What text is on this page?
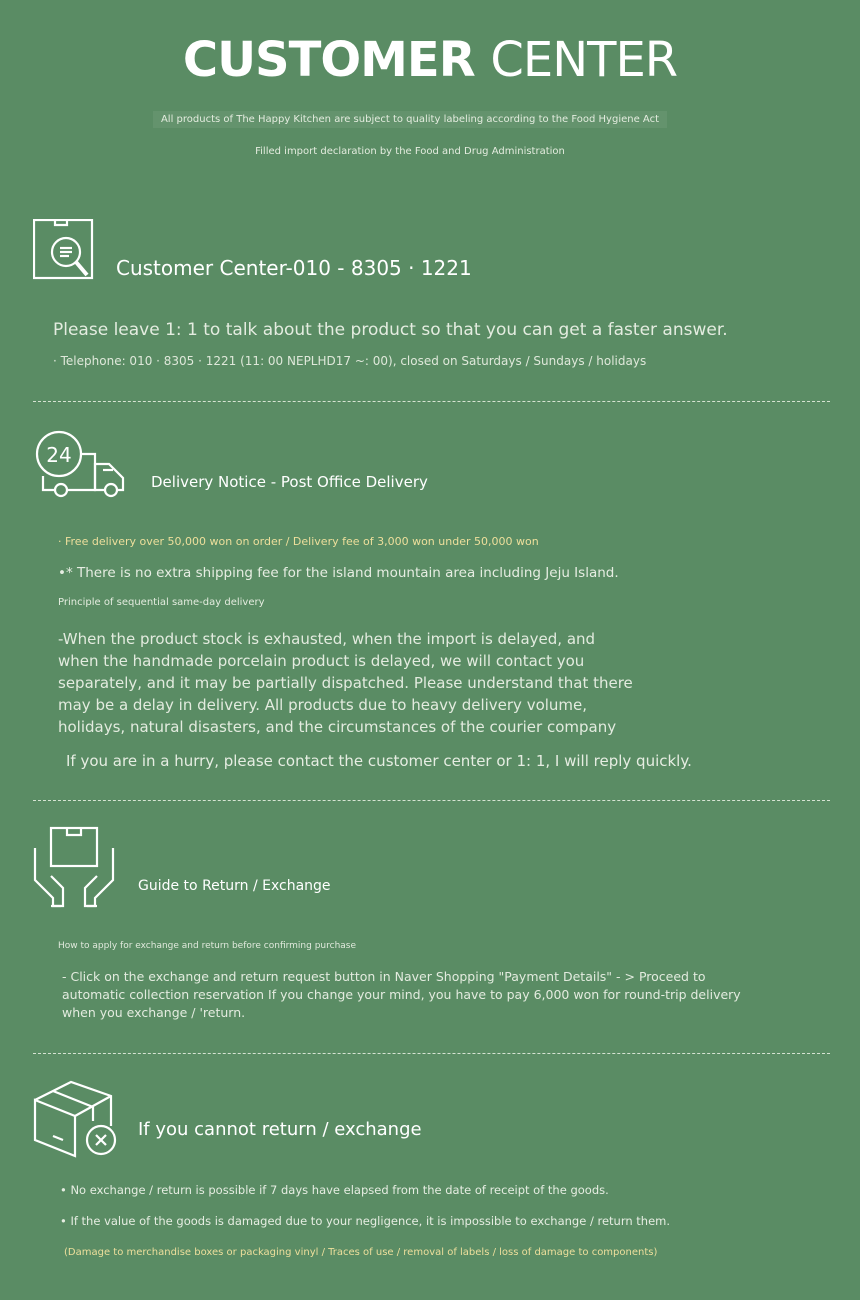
CUSTOMER CENTER

All products of The Happy Kitchen are subject to quality labeling according to the Food Hygiene Act

Filled import declaration by the Food and Drug Administration

Customer Center-010 - 8305 · 1221

Please leave 1: 1 to talk about the product so that you can get a faster answer.

· Telephone: 010 · 8305 · 1221 (11: 00 NEPLHD17 ~: 00), closed on Saturdays / Sundays / holidays

24

Delivery Notice - Post Office Delivery

· Free delivery over 50,000 won on order / Delivery fee of 3,000 won under 50,000 won

•* There is no extra shipping fee for the island mountain area including Jeju Island.

Principle of sequential same-day delivery

-When the product stock is exhausted, when the import is delayed, and when the handmade porcelain product is delayed, we will contact you separately, and it may be partially dispatched. Please understand that there may be a delay in delivery. All products due to heavy delivery volume, holidays, natural disasters, and the circumstances of the courier company

If you are in a hurry, please contact the customer center or 1: 1, I will reply quickly.

Guide to Return / Exchange

How to apply for exchange and return before confirming purchase

- Click on the exchange and return request button in Naver Shopping "Payment Details" - > Proceed to automatic collection reservation If you change your mind, you have to pay 6,000 won for round-trip delivery when you exchange / 'return.

If you cannot return / exchange

• No exchange / return is possible if 7 days have elapsed from the date of receipt of the goods.

• If the value of the goods is damaged due to your negligence, it is impossible to exchange / return them.

(Damage to merchandise boxes or packaging vinyl / Traces of use / removal of labels / loss of damage to components)
